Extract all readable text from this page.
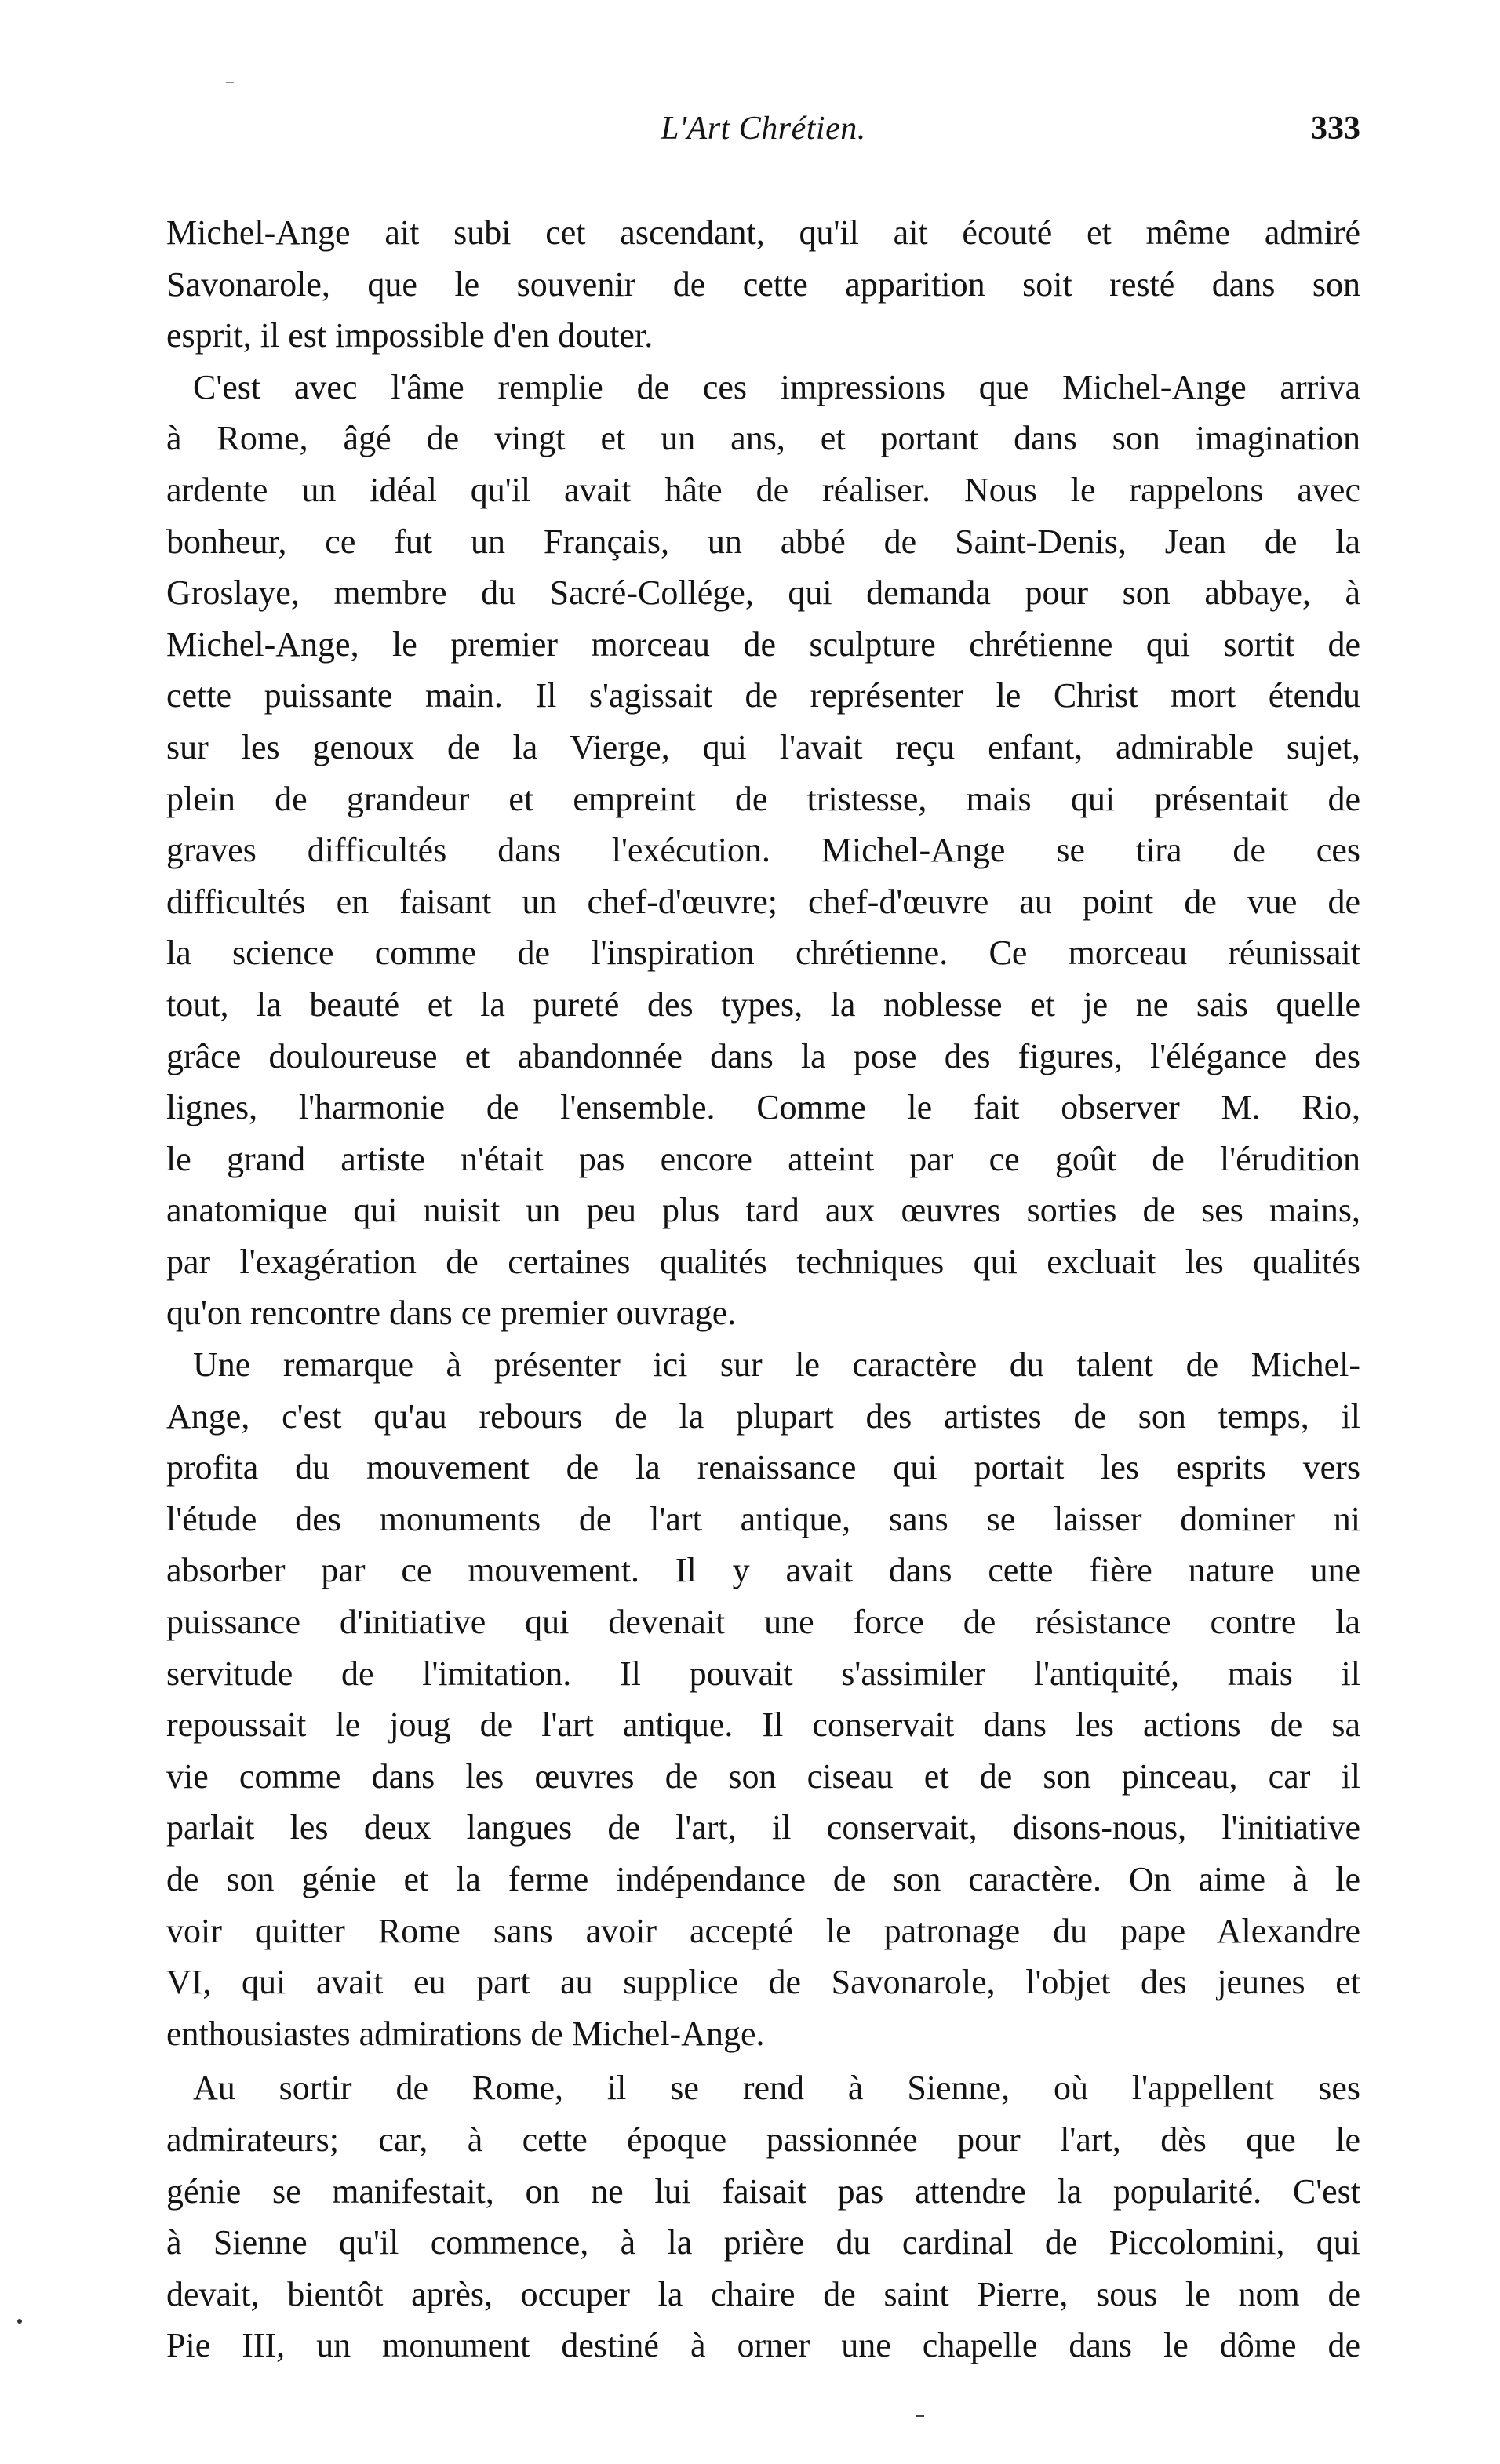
L'Art Chrétien.	333
Michel-Ange ait subi cet ascendant, qu'il ait écouté et même admiré
Savonarole, que le souvenir de cette apparition soit resté dans son
esprit, il est impossible d'en douter.
C'est avec l'âme remplie de ces impressions que Michel-Ange arriva
à Rome, âgé de vingt et un ans, et portant dans son imagination
ardente un idéal qu'il avait hâte de réaliser. Nous le rappelons avec
bonheur, ce fut un Français, un abbé de Saint-Denis, Jean de la
Groslaye, membre du Sacré-Collége, qui demanda pour son abbaye, à
Michel-Ange, le premier morceau de sculpture chrétienne qui sortit de
cette puissante main. Il s'agissait de représenter le Christ mort étendu
sur les genoux de la Vierge, qui l'avait reçu enfant, admirable sujet,
plein de grandeur et empreint de tristesse, mais qui présentait de
graves difficultés dans l'exécution. Michel-Ange se tira de ces
difficultés en faisant un chef-d'œuvre; chef-d'œuvre au point de vue de
la science comme de l'inspiration chrétienne. Ce morceau réunissait
tout, la beauté et la pureté des types, la noblesse et je ne sais quelle
grâce douloureuse et abandonnée dans la pose des figures, l'élégance des
lignes, l'harmonie de l'ensemble. Comme le fait observer M. Rio,
le grand artiste n'était pas encore atteint par ce goût de l'érudition
anatomique qui nuisit un peu plus tard aux œuvres sorties de ses mains,
par l'exagération de certaines qualités techniques qui excluait les qualités
qu'on rencontre dans ce premier ouvrage.
Une remarque à présenter ici sur le caractère du talent de Michel-
Ange, c'est qu'au rebours de la plupart des artistes de son temps, il
profita du mouvement de la renaissance qui portait les esprits vers
l'étude des monuments de l'art antique, sans se laisser dominer ni
absorber par ce mouvement. Il y avait dans cette fière nature une
puissance d'initiative qui devenait une force de résistance contre la
servitude de l'imitation. Il pouvait s'assimiler l'antiquité, mais il
repoussait le joug de l'art antique. Il conservait dans les actions de sa
vie comme dans les œuvres de son ciseau et de son pinceau, car il
parlait les deux langues de l'art, il conservait, disons-nous, l'initiative
de son génie et la ferme indépendance de son caractère. On aime à le
voir quitter Rome sans avoir accepté le patronage du pape Alexandre
VI, qui avait eu part au supplice de Savonarole, l'objet des jeunes et
enthousiastes admirations de Michel-Ange.
Au sortir de Rome, il se rend à Sienne, où l'appellent ses
admirateurs; car, à cette époque passionnée pour l'art, dès que le
génie se manifestait, on ne lui faisait pas attendre la popularité. C'est
à Sienne qu'il commence, à la prière du cardinal de Piccolomini, qui
devait, bientôt après, occuper la chaire de saint Pierre, sous le nom de
Pie III, un monument destiné à orner une chapelle dans le dôme de
